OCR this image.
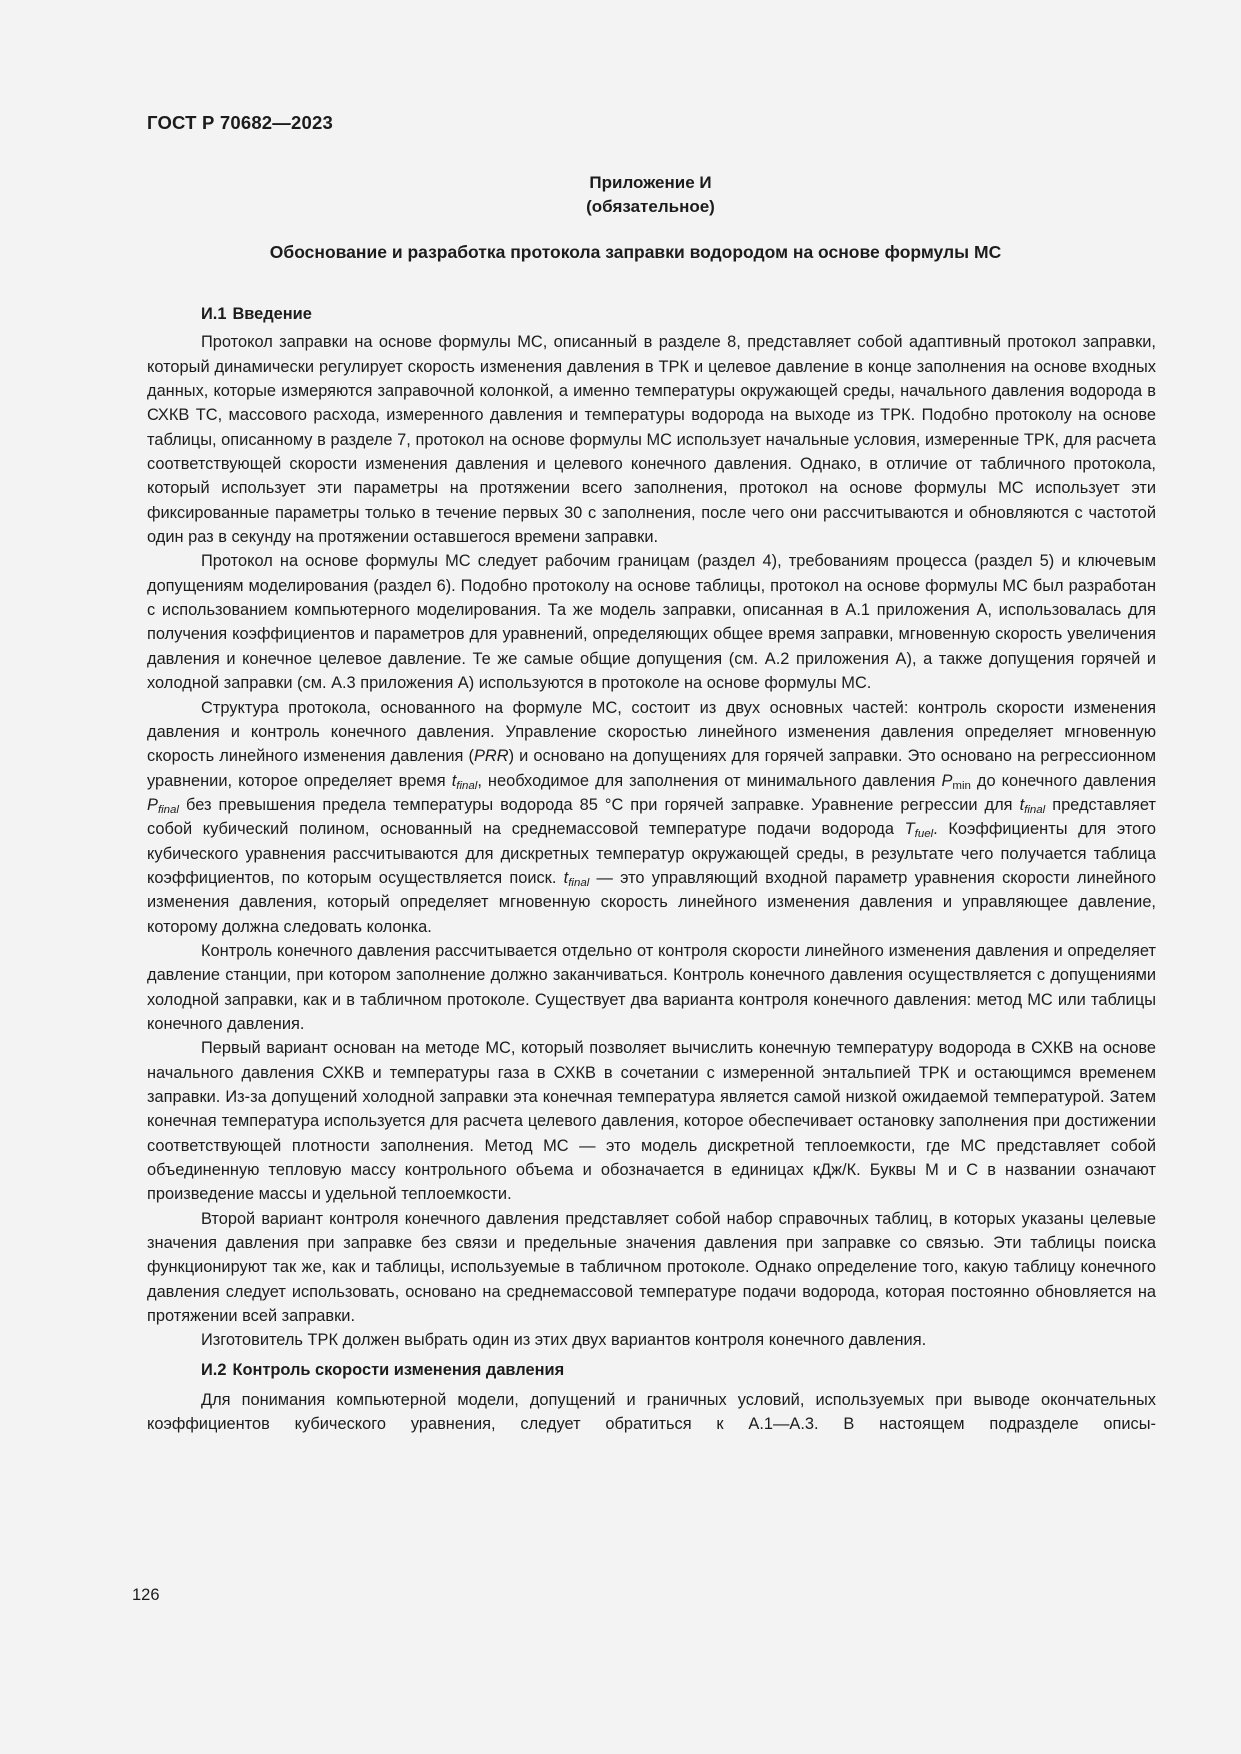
ГОСТ Р 70682—2023
Приложение И
(обязательное)
Обоснование и разработка протокола заправки водородом на основе формулы МС
И.1 Введение

Протокол заправки на основе формулы МС, описанный в разделе 8, представляет собой адаптивный протокол заправки, который динамически регулирует скорость изменения давления в ТРК и целевое давление в конце заполнения на основе входных данных, которые измеряются заправочной колонкой, а именно температуры окружающей среды, начального давления водорода в СХКВ ТС, массового расхода, измеренного давления и температуры водорода на выходе из ТРК. Подобно протоколу на основе таблицы, описанному в разделе 7, протокол на основе формулы МС использует начальные условия, измеренные ТРК, для расчета соответствующей скорости изменения давления и целевого конечного давления. Однако, в отличие от табличного протокола, который использует эти параметры на протяжении всего заполнения, протокол на основе формулы МС использует эти фиксированные параметры только в течение первых 30 с заполнения, после чего они рассчитываются и обновляются с частотой один раз в секунду на протяжении оставшегося времени заправки.

Протокол на основе формулы МС следует рабочим границам (раздел 4), требованиям процесса (раздел 5) и ключевым допущениям моделирования (раздел 6). Подобно протоколу на основе таблицы, протокол на основе формулы МС был разработан с использованием компьютерного моделирования. Та же модель заправки, описанная в А.1 приложения А, использовалась для получения коэффициентов и параметров для уравнений, определяющих общее время заправки, мгновенную скорость увеличения давления и конечное целевое давление. Те же самые общие допущения (см. А.2 приложения А), а также допущения горячей и холодной заправки (см. А.3 приложения А) используются в протоколе на основе формулы МС.

Структура протокола, основанного на формуле МС, состоит из двух основных частей: контроль скорости изменения давления и контроль конечного давления. Управление скоростью линейного изменения давления определяет мгновенную скорость линейного изменения давления (PRR) и основано на допущениях для горячей заправки. Это основано на регрессионном уравнении, которое определяет время $t_{final}$, необходимое для заполнения от минимального давления $P_{min}$ до конечного давления $P_{final}$ без превышения предела температуры водорода 85 °С при горячей заправке. Уравнение регрессии для $t_{final}$ представляет собой кубический полином, основанный на среднемассовой температуре подачи водорода $T_{fuel}$. Коэффициенты для этого кубического уравнения рассчитываются для дискретных температур окружающей среды, в результате чего получается таблица коэффициентов, по которым осуществляется поиск. $t_{final}$ — это управляющий входной параметр уравнения скорости линейного изменения давления, который определяет мгновенную скорость линейного изменения давления и управляющее давление, которому должна следовать колонка.

Контроль конечного давления рассчитывается отдельно от контроля скорости линейного изменения давления и определяет давление станции, при котором заполнение должно заканчиваться. Контроль конечного давления осуществляется с допущениями холодной заправки, как и в табличном протоколе. Существует два варианта контроля конечного давления: метод МС или таблицы конечного давления.

Первый вариант основан на методе МС, который позволяет вычислить конечную температуру водорода в СХКВ на основе начального давления СХКВ и температуры газа в СХКВ в сочетании с измеренной энтальпией ТРК и остающимся временем заправки. Из-за допущений холодной заправки эта конечная температура является самой низкой ожидаемой температурой. Затем конечная температура используется для расчета целевого давления, которое обеспечивает остановку заполнения при достижении соответствующей плотности заполнения. Метод МС — это модель дискретной теплоемкости, где МС представляет собой объединенную тепловую массу контрольного объема и обозначается в единицах кДж/К. Буквы М и С в названии означают произведение массы и удельной теплоемкости.

Второй вариант контроля конечного давления представляет собой набор справочных таблиц, в которых указаны целевые значения давления при заправке без связи и предельные значения давления при заправке со связью. Эти таблицы поиска функционируют так же, как и таблицы, используемые в табличном протоколе. Однако определение того, какую таблицу конечного давления следует использовать, основано на среднемассовой температуре подачи водорода, которая постоянно обновляется на протяжении всей заправки.

Изготовитель ТРК должен выбрать один из этих двух вариантов контроля конечного давления.

И.2 Контроль скорости изменения давления

Для понимания компьютерной модели, допущений и граничных условий, используемых при выводе окончательных коэффициентов кубического уравнения, следует обратиться к А.1—А.3. В настоящем подразделе описы-

126
